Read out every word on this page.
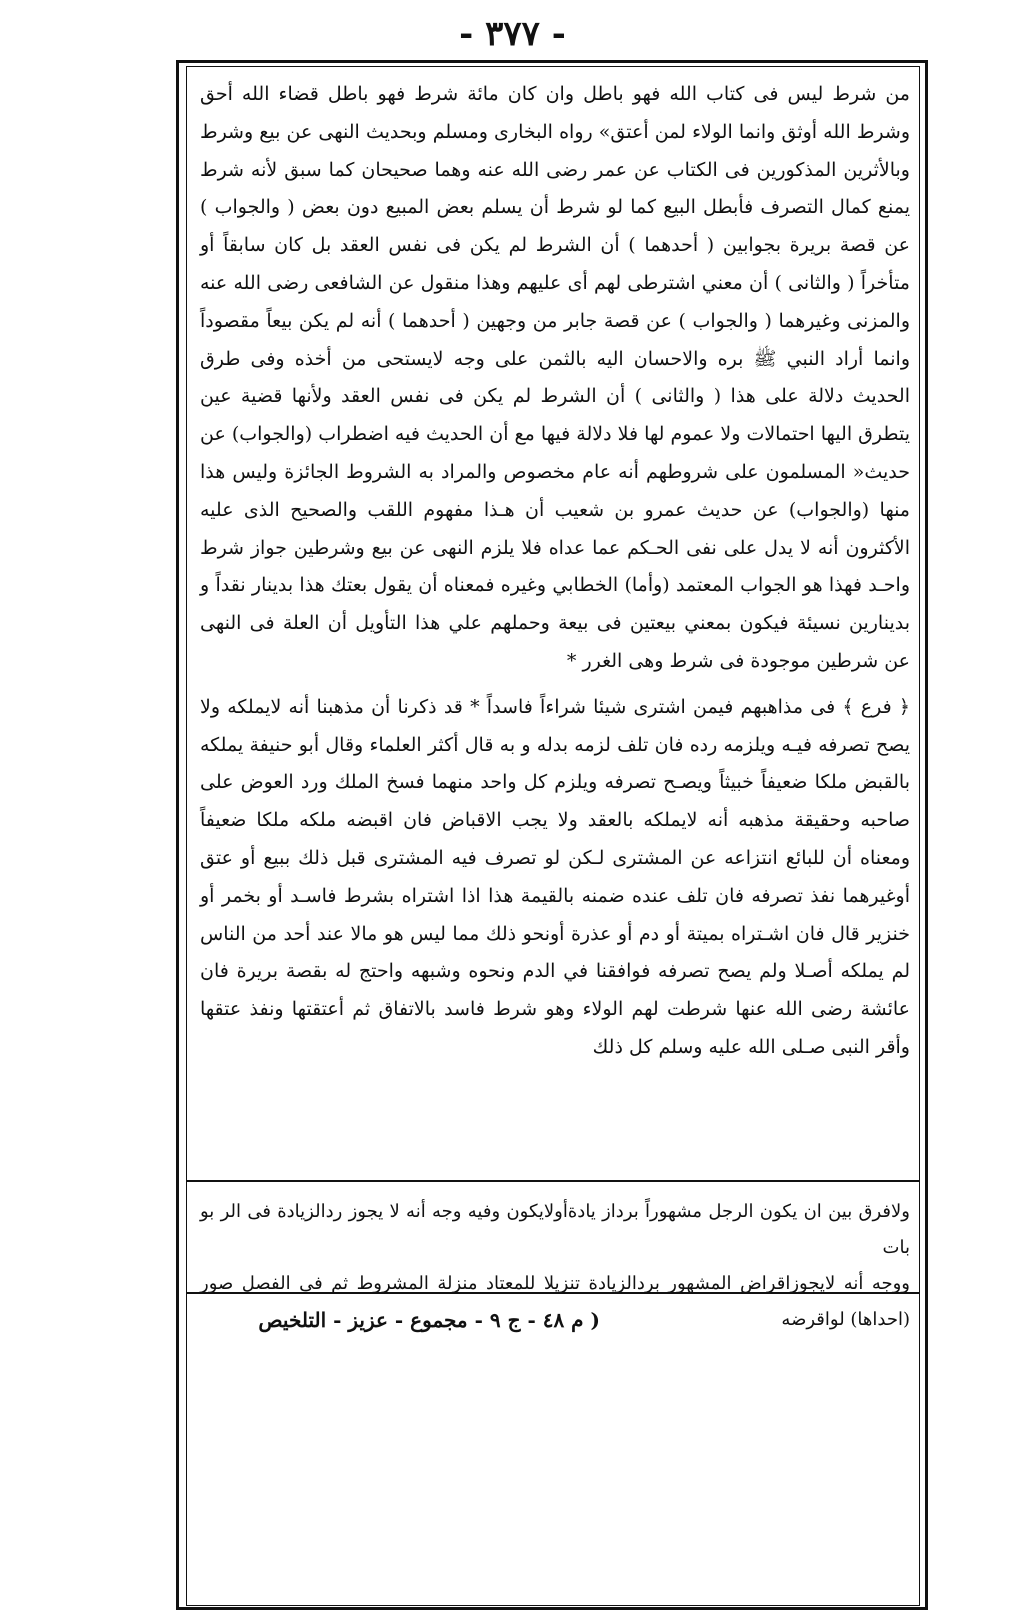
- ٣٧٧ -

من شرط ليس فى كتاب الله فهو باطل وان كان مائة شرط فهو باطل قضاء الله أحق وشرط الله أوثق وانما الولاء لمن أعتق» رواه البخارى ومسلم وبحديث النهى عن بيع وشرط وبالأثرين المذكورين فى الكتاب عن عمر رضى الله عنه وهما صحيحان كما سبق لأنه شرط يمنع كمال التصرف فأبطل البيع كما لو شرط أن يسلم بعض المبيع دون بعض ( والجواب ) عن قصة بريرة بجوابين ( أحدهما ) أن الشرط لم يكن فى نفس العقد بل كان سابقاً أو متأخراً ( والثانى ) أن معني اشترطى لهم أى عليهم وهذا منقول عن الشافعى رضى الله عنه والمزنى وغيرهما ( والجواب ) عن قصة جابر من وجهين ( أحدهما ) أنه لم يكن بيعاً مقصوداً وانما أراد النبي ﷺ بره والاحسان اليه بالثمن على وجه لايستحى من أخذه وفى طرق الحديث دلالة على هذا ( والثانى ) أن الشرط لم يكن فى نفس العقد ولأنها قضية عين يتطرق اليها احتمالات ولا عموم لها فلا دلالة فيها مع أن الحديث فيه اضطراب (والجواب) عن حديث« المسلمون على شروطهم أنه عام مخصوص والمراد به الشروط الجائزة وليس هذا منها (والجواب) عن حديث عمرو بن شعيب أن هـذا مفهوم اللقب والصحيح الذى عليه الأكثرون أنه لا يدل على نفى الحـكم عما عداه فلا يلزم النهى عن بيع وشرطين جواز شرط واحـد فهذا هو الجواب المعتمد (وأما) الخطابي وغيره فمعناه أن يقول بعتك هذا بدينار نقداً و بدينارين نسيئة فيكون بمعني بيعتين فى بيعة وحملهم علي هذا التأويل أن العلة فى النهى عن شرطين موجودة فى شرط وهى الغرر *

﴿ فرع ﴾ فى مذاهبهم فيمن اشترى شيئا شراءاً فاسداً * قد ذكرنا أن مذهبنا أنه لايملكه ولا يصح تصرفه فيـه ويلزمه رده فان تلف لزمه بدله و به قال أكثر العلماء وقال أبو حنيفة يملكه بالقبض ملكا ضعيفاً خبيثاً ويصـح تصرفه ويلزم كل واحد منهما فسخ الملك ورد العوض على صاحبه وحقيقة مذهبه أنه لايملكه بالعقد ولا يجب الاقباض فان اقبضه ملكه ملكا ضعيفاً ومعناه أن للبائع انتزاعه عن المشترى لـكن لو تصرف فيه المشترى قبل ذلك ببيع أو عتق أوغيرهما نفذ تصرفه فان تلف عنده ضمنه بالقيمة هذا اذا اشتراه بشرط فاسـد أو بخمر أو خنزير قال فان اشـتراه بميتة أو دم أو عذرة أونحو ذلك مما ليس هو مالا عند أحد من الناس لم يملكه أصـلا ولم يصح تصرفه فوافقنا في الدم ونحوه وشبهه واحتج له بقصة بريرة فان عائشة رضى الله عنها شرطت لهم الولاء وهو شرط فاسد بالاتفاق ثم أعتقتها ونفذ عتقها وأقر النبى صـلى الله عليه وسلم كل ذلك

ولافرق بين ان يكون الرجل مشهوراً برداز يادةأولايكون وفيه وجه أنه لا يجوز ردالزيادة فى الر بو بات

ووجه أنه لايجوزاقراض المشهور بردالزيادة تنزيلا للمعتاد منزلة المشروط ثم فى الفصل صور (احداها) لواقرضه

( م ٤٨ - ج ٩ - مجموع - عزيز - التلخيص
